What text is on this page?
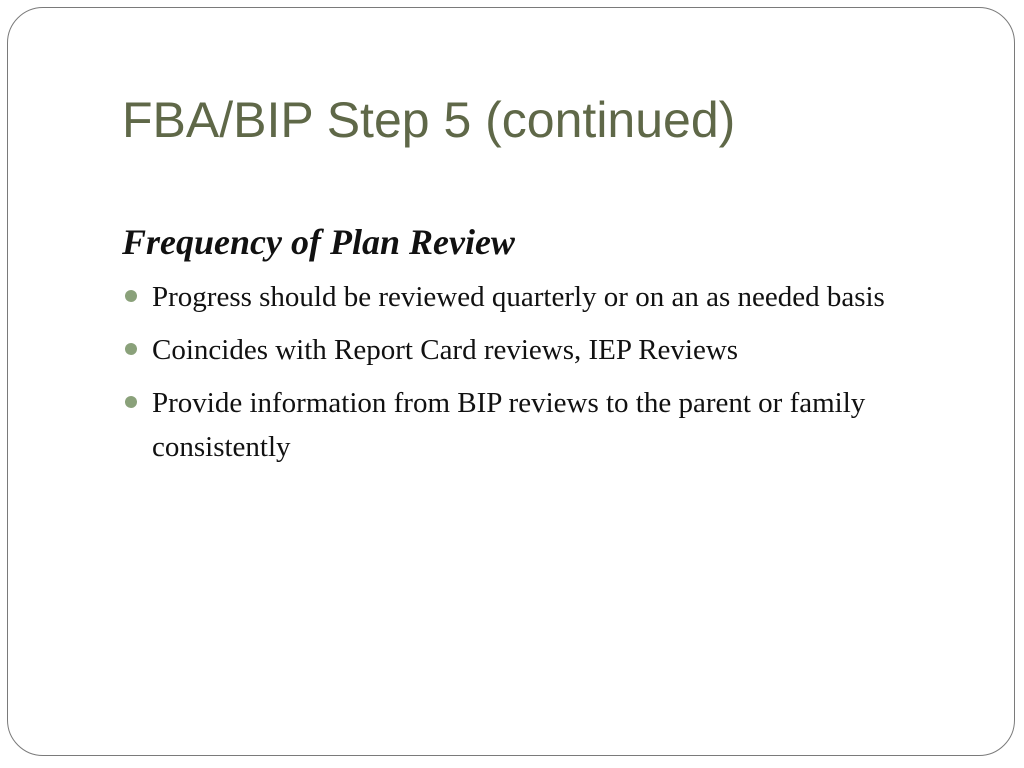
FBA/BIP Step 5 (continued)
Frequency of Plan Review
Progress should be reviewed quarterly or on an as needed basis
Coincides with Report Card reviews, IEP Reviews
Provide information from BIP reviews to the parent or family consistently
